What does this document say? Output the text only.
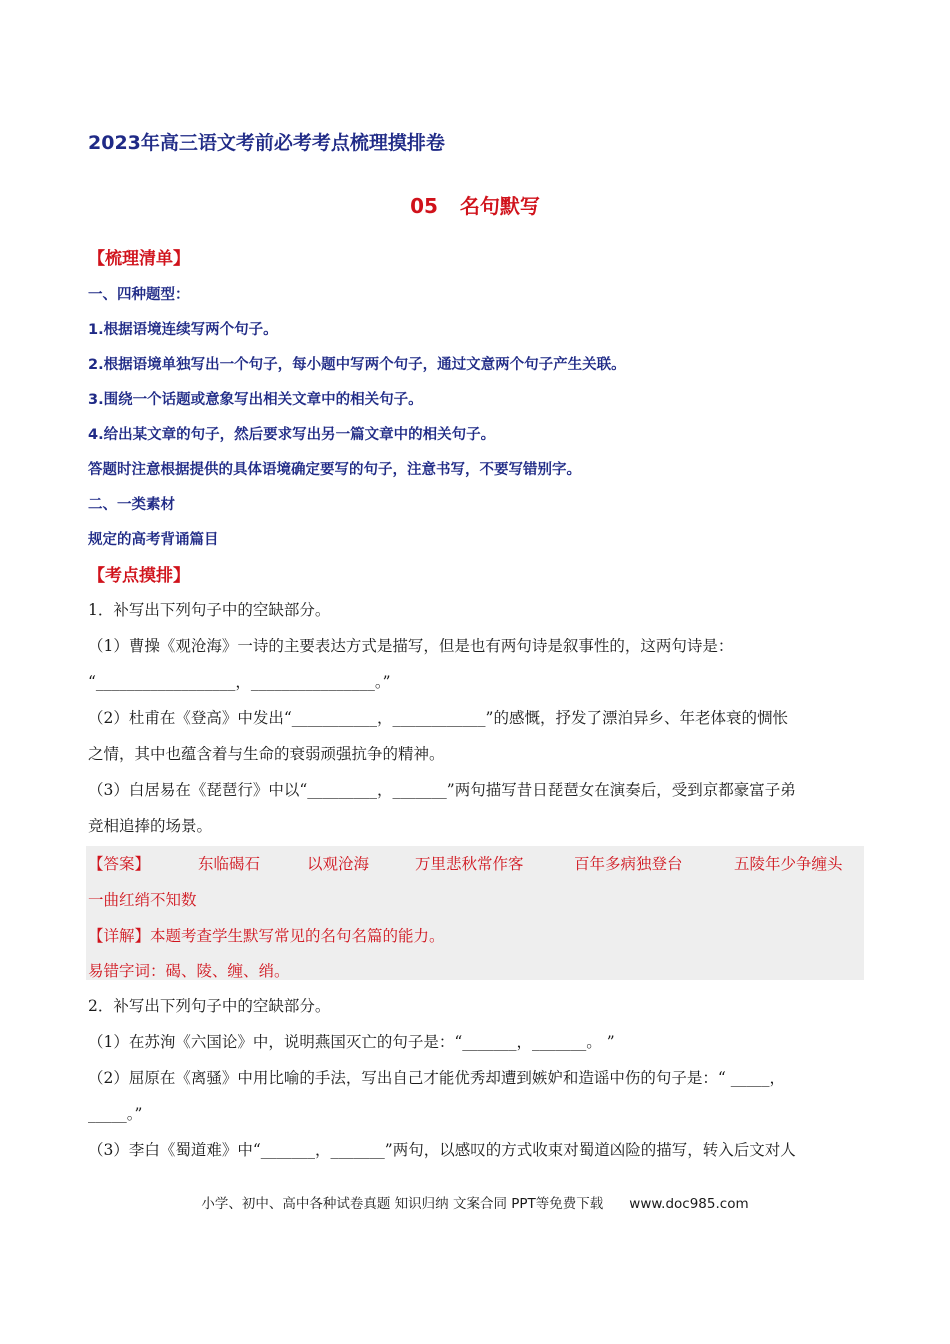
2023年高三语文考前必考考点梳理摸排卷
05 名句默写
【梳理清单】
一、四种题型：
1.根据语境连续写两个句子。
2.根据语境单独写出一个句子，每小题中写两个句子，通过文意两个句子产生关联。
3.围绕一个话题或意象写出相关文章中的相关句子。
4.给出某文章的句子，然后要求写出另一篇文章中的相关句子。
答题时注意根据提供的具体语境确定要写的句子，注意书写，不要写错别字。
二、一类素材
规定的高考背诵篇目
【考点摸排】
1．补写出下列句子中的空缺部分。
（1）曹操《观沧海》一诗的主要表达方式是描写，但是也有两句诗是叙事性的，这两句诗是：
“__________________，________________。”
（2）杜甫在《登高》中发出“___________，____________”的感慨，抒发了漂泊异乡、年老体衰的惆怅
之情，其中也蕴含着与生命的衰弱顽强抗争的精神。
（3）白居易在《琵琶行》中以“_________，_______”两句描写昔日琵琶女在演奏后，受到京都豪富子弟
竞相追捧的场景。
【答案】	东临碣石	以观沧海	万里悲秋常作客	百年多病独登台	五陵年少争缠头
一曲红绡不知数
【详解】本题考查学生默写常见的名句名篇的能力。
易错字词：碣、陵、缠、绡。
2．补写出下列句子中的空缺部分。
（1）在苏洵《六国论》中，说明燕国灭亡的句子是：“_______，_______。 ”
（2）屈原在《离骚》中用比喻的手法，写出自己才能优秀却遭到嫉妒和造谣中伤的句子是：“ _____，
_____。”
（3）李白《蜀道难》中“_______，_______”两句，以感叹的方式收束对蜀道凶险的描写，转入后文对人
小学、初中、高中各种试卷真题 知识归纳 文案合同 PPT等免费下载 www.doc985.com
